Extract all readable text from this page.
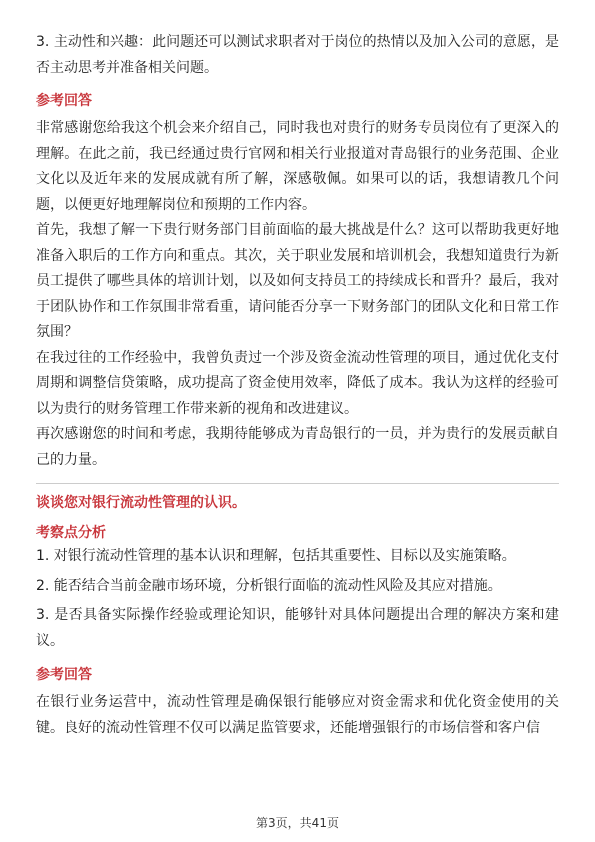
3. 主动性和兴趣：此问题还可以测试求职者对于岗位的热情以及加入公司的意愿，是否主动思考并准备相关问题。

参考回答

非常感谢您给我这个机会来介绍自己，同时我也对贵行的财务专员岗位有了更深入的理解。在此之前，我已经通过贵行官网和相关行业报道对青岛银行的业务范围、企业文化以及近年来的发展成就有所了解，深感敬佩。如果可以的话，我想请教几个问题，以便更好地理解岗位和预期的工作内容。

首先，我想了解一下贵行财务部门目前面临的最大挑战是什么？这可以帮助我更好地准备入职后的工作方向和重点。其次，关于职业发展和培训机会，我想知道贵行为新员工提供了哪些具体的培训计划，以及如何支持员工的持续成长和晋升？最后，我对于团队协作和工作氛围非常看重，请问能否分享一下财务部门的团队文化和日常工作氛围？

在我过往的工作经验中，我曾负责过一个涉及资金流动性管理的项目，通过优化支付周期和调整信贷策略，成功提高了资金使用效率，降低了成本。我认为这样的经验可以为贵行的财务管理工作带来新的视角和改进建议。

再次感谢您的时间和考虑，我期待能够成为青岛银行的一员，并为贵行的发展贡献自己的力量。

谈谈您对银行流动性管理的认识。

考察点分析

1. 对银行流动性管理的基本认识和理解，包括其重要性、目标以及实施策略。

2. 能否结合当前金融市场环境，分析银行面临的流动性风险及其应对措施。

3. 是否具备实际操作经验或理论知识，能够针对具体问题提出合理的解决方案和建议。

参考回答

在银行业务运营中，流动性管理是确保银行能够应对资金需求和优化资金使用的关键。良好的流动性管理不仅可以满足监管要求，还能增强银行的市场信誉和客户信

第3页，共41页
